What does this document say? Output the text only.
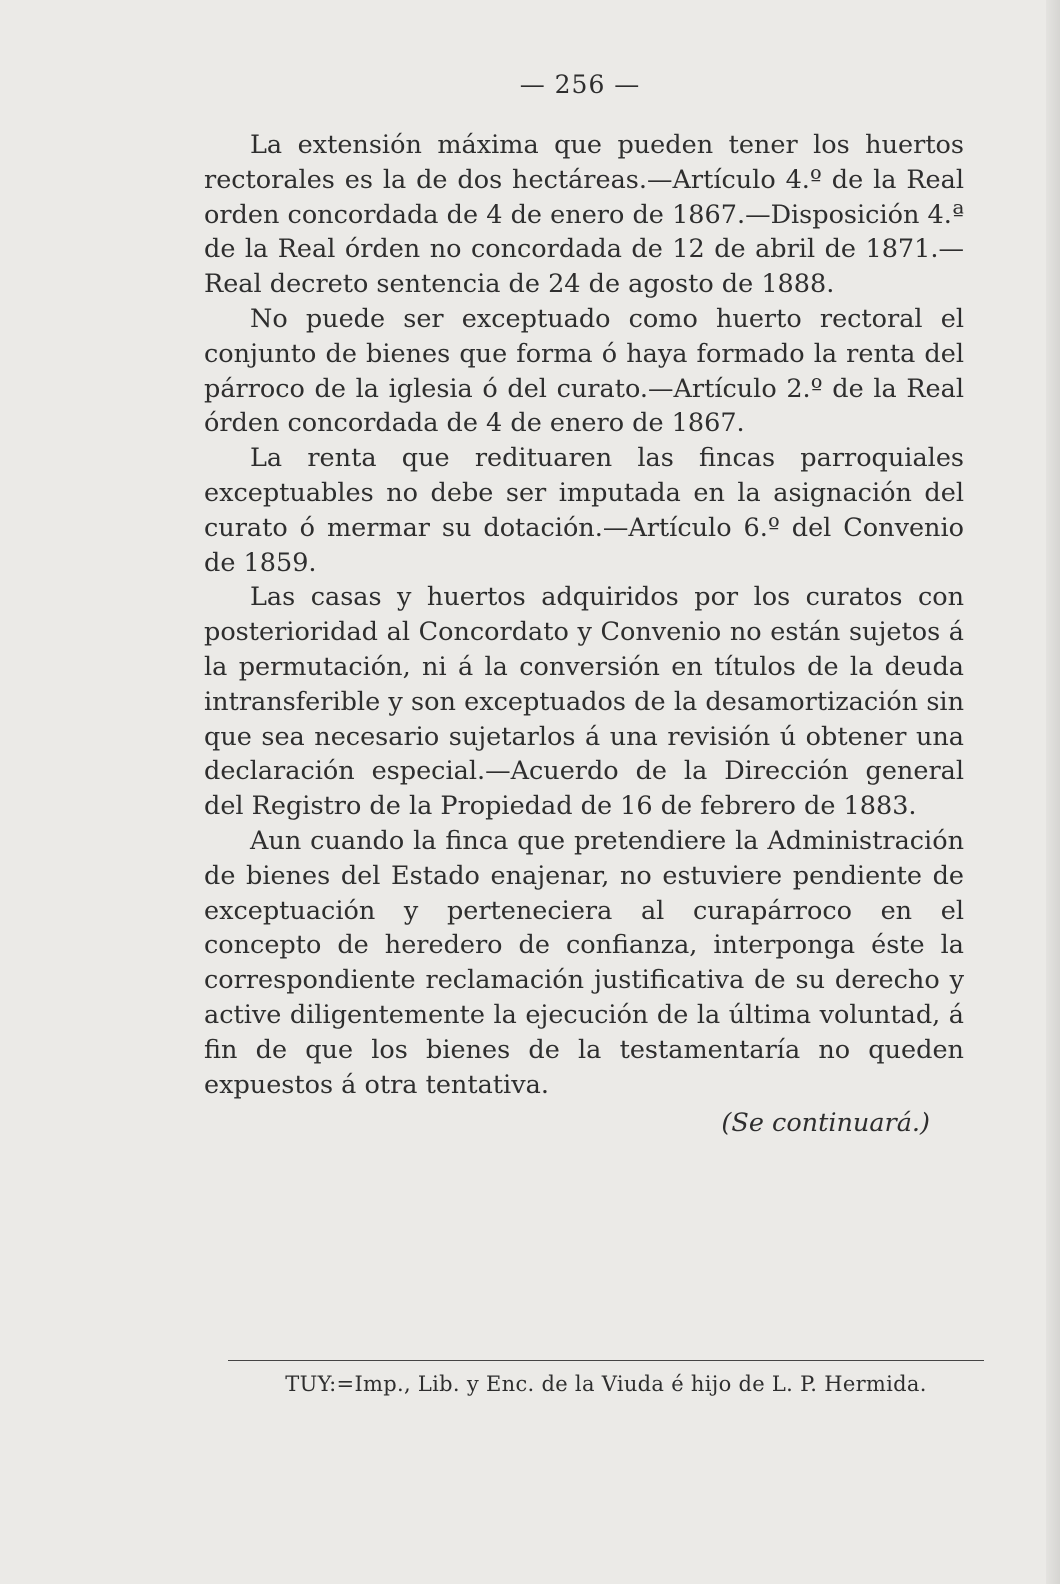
— 256 —

La extensión máxima que pueden tener los huertos rectorales es la de dos hectáreas.—Artículo 4.º de la Real orden concordada de 4 de enero de 1867.—Disposición 4.ª de la Real órden no concordada de 12 de abril de 1871.—Real decreto sentencia de 24 de agosto de 1888.

No puede ser exceptuado como huerto rectoral el conjunto de bienes que forma ó haya formado la renta del párroco de la iglesia ó del curato.—Artículo 2.º de la Real órden concordada de 4 de enero de 1867.

La renta que redituaren las fincas parroquiales exceptuables no debe ser imputada en la asignación del curato ó mermar su dotación.—Artículo 6.º del Convenio de 1859.

Las casas y huertos adquiridos por los curatos con posterioridad al Concordato y Convenio no están sujetos á la permutación, ni á la conversión en títulos de la deuda intransferible y son exceptuados de la desamortización sin que sea necesario sujetarlos á una revisión ú obtener una declaración especial.—Acuerdo de la Dirección general del Registro de la Propiedad de 16 de febrero de 1883.

Aun cuando la finca que pretendiere la Administración de bienes del Estado enajenar, no estuviere pendiente de exceptuación y perteneciera al curapárroco en el concepto de heredero de confianza, interponga éste la correspondiente reclamación justificativa de su derecho y active diligentemente la ejecución de la última voluntad, á fin de que los bienes de la testamentaría no queden expuestos á otra tentativa.

(Se continuará.)
TUY:=Imp., Lib. y Enc. de la Viuda é hijo de L. P. Hermida.
